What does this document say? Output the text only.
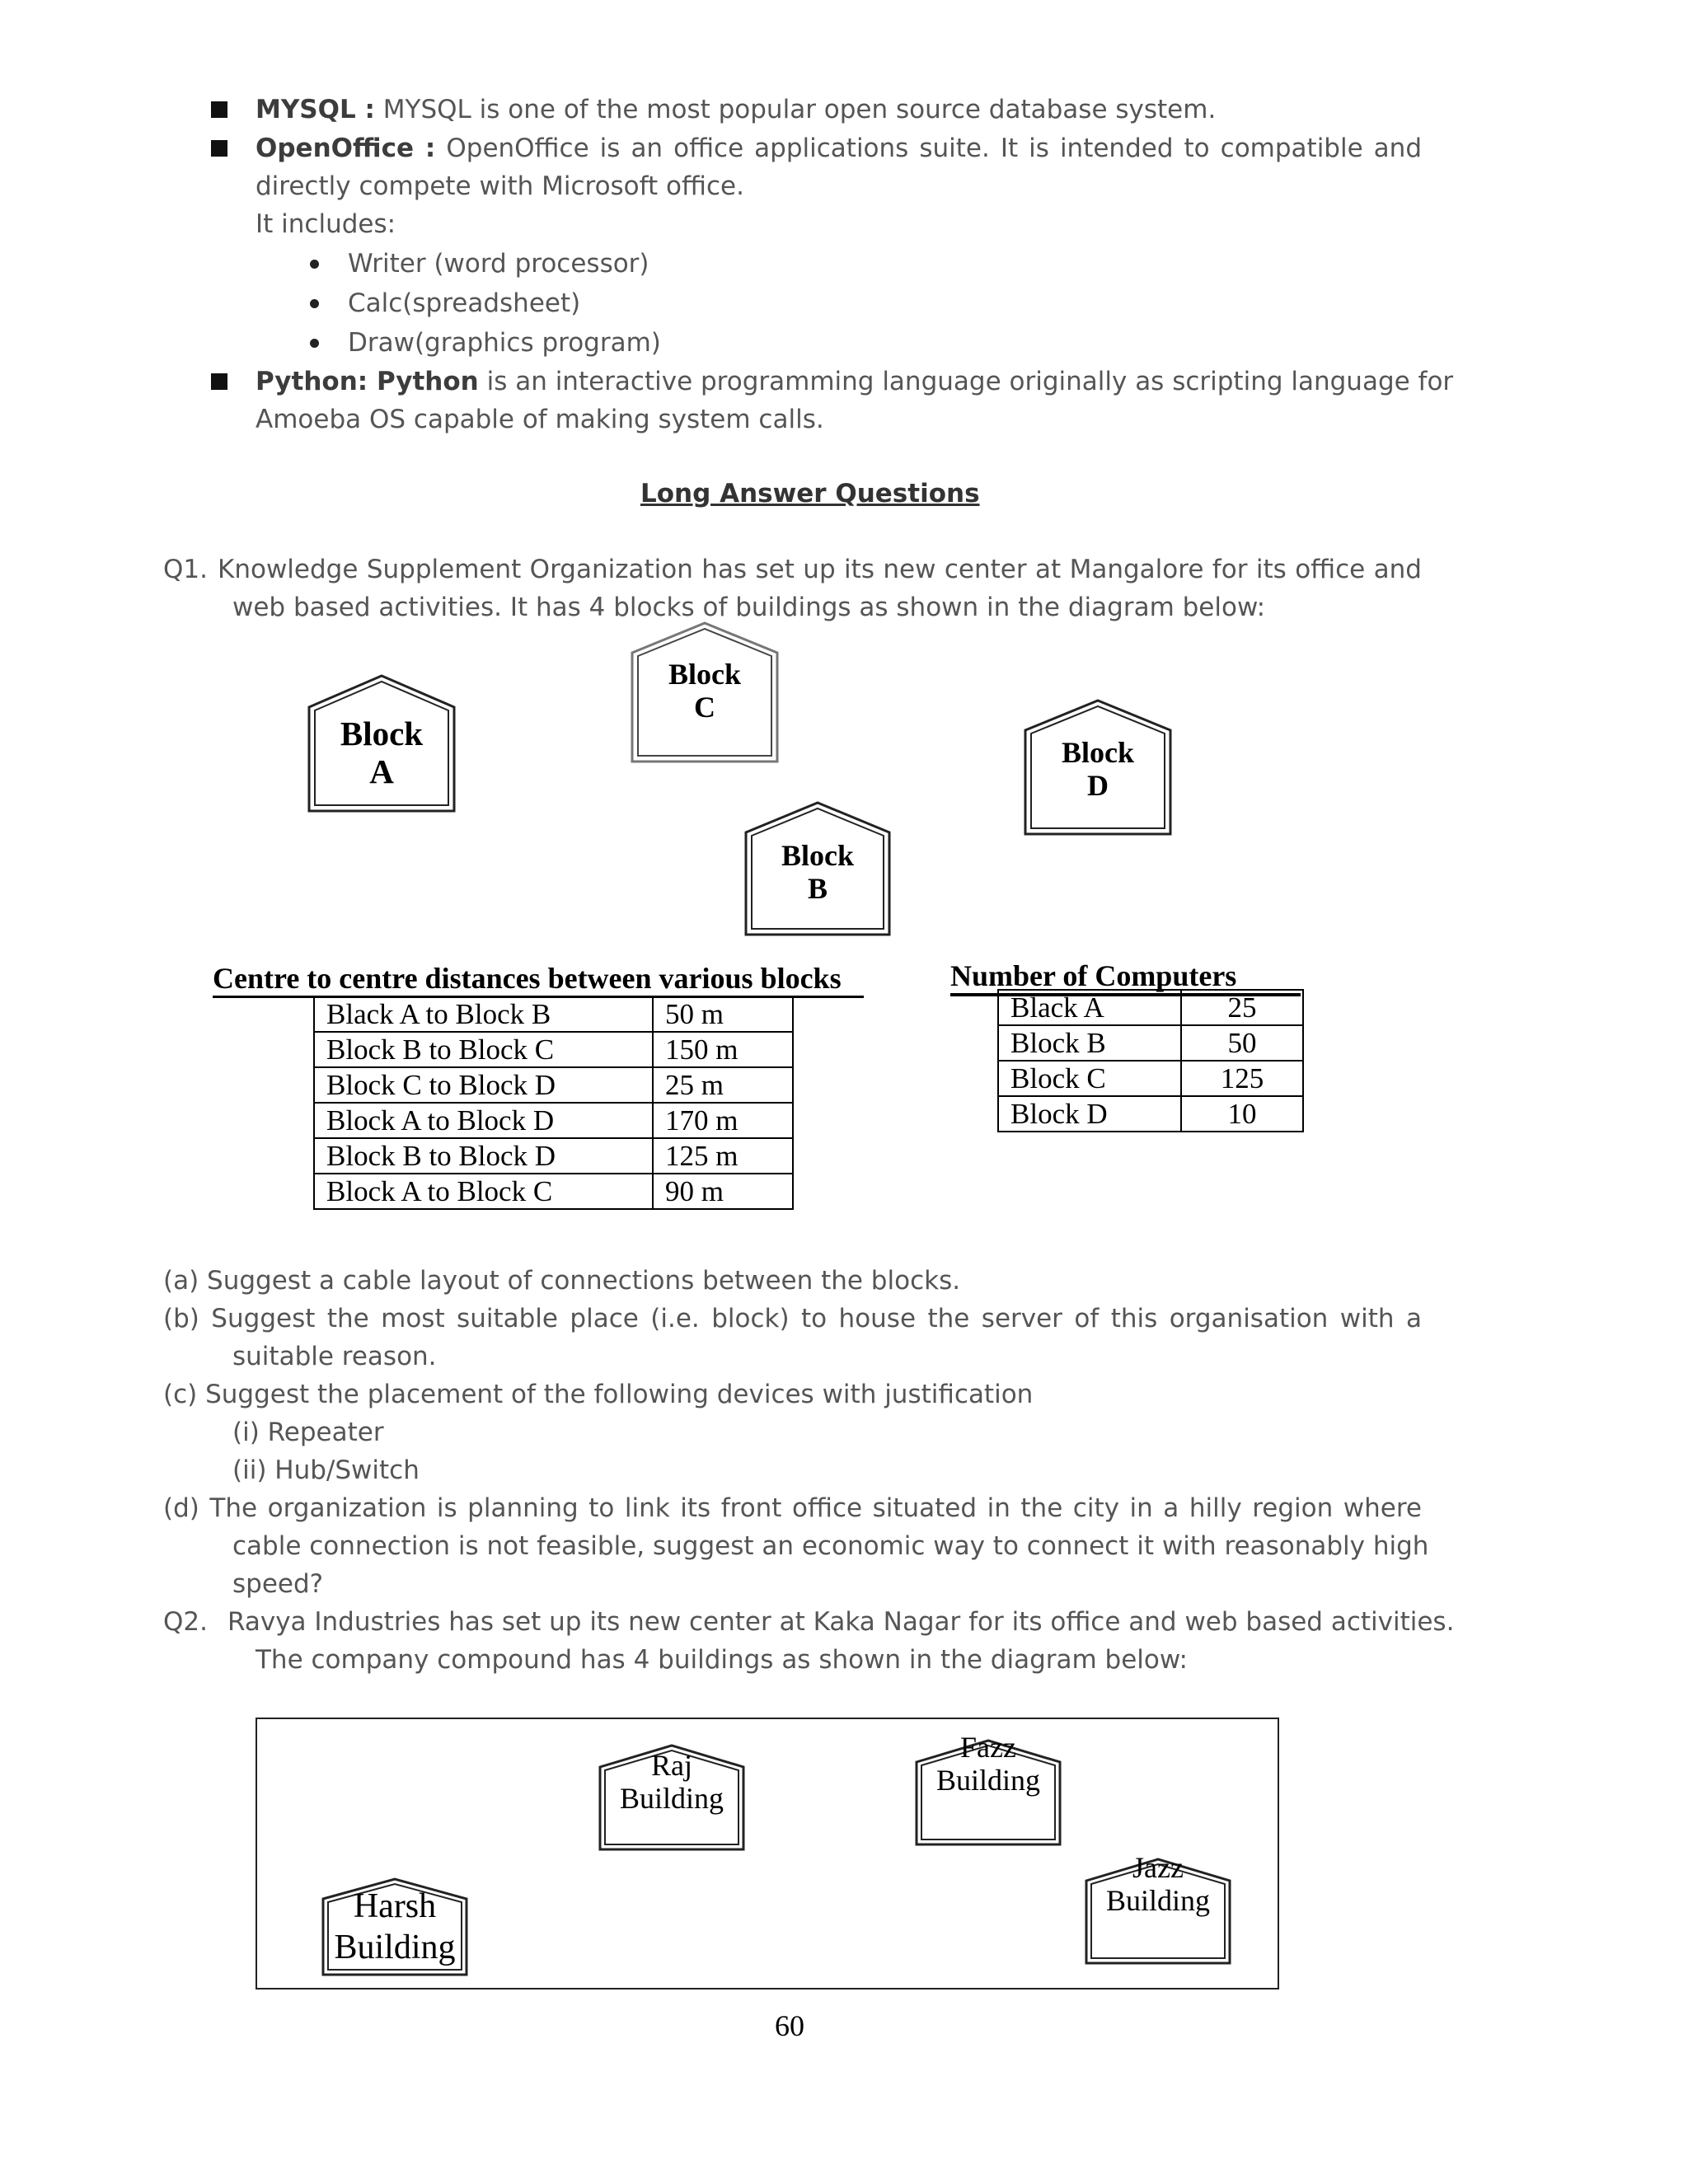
MYSQL : MYSQL is one of the most popular open source database system.
OpenOffice : OpenOffice is an office applications suite. It is intended to compatible and
directly compete with Microsoft office.
It includes:
Writer (word processor)
Calc(spreadsheet)
Draw(graphics program)
Python: Python is an interactive programming language originally as scripting language for
Amoeba OS capable of making system calls.
Long Answer Questions
Q1. Knowledge Supplement Organization has set up its new center at Mangalore for its office and
web based activities. It has 4 blocks of buildings as shown in the diagram below:
Block
A
Block
C
Block
D
Block
B
Centre to centre distances between various blocks
Black A to Block B	50 m
Block B to Block C	150 m
Block C to Block D	25 m
Block A to Block D	170 m
Block B to Block D	125 m
Block A to Block C	90 m
Number of Computers
Black A	25
Block B	50
Block C	125
Block D	10
(a) Suggest a cable layout of connections between the blocks.
(b) Suggest the most suitable place (i.e. block) to house the server of this organisation with a
suitable reason.
(c) Suggest the placement of the following devices with justification
(i) Repeater
(ii) Hub/Switch
(d) The organization is planning to link its front office situated in the city in a hilly region where
cable connection is not feasible, suggest an economic way to connect it with reasonably high
speed?
Q2. Ravya Industries has set up its new center at Kaka Nagar for its office and web based activities.
The company compound has 4 buildings as shown in the diagram below:
Raj
Building
Fazz
Building
Jazz
Building
Harsh
Building
60
